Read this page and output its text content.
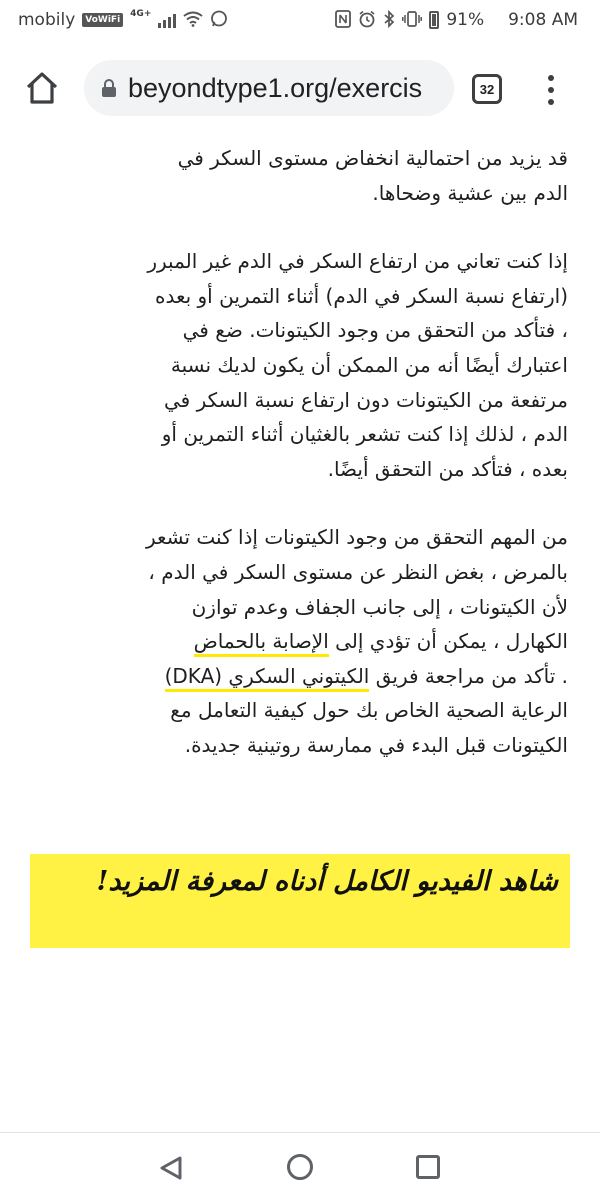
mobily	VoWiFi
4G+	91% 9:08 AM
beyondtype1.org/exercis	32
قد يزيد من احتمالية انخفاض مستوى السكر في
الدم بين عشية وضحاها.
إذا كنت تعاني من ارتفاع السكر في الدم غير المبرر
(ارتفاع نسبة السكر في الدم) أثناء التمرين أو بعده
، فتأكد من التحقق من وجود الكيتونات. ضع في
اعتبارك أيضًا أنه من الممكن أن يكون لديك نسبة
مرتفعة من الكيتونات دون ارتفاع نسبة السكر في
الدم ، لذلك إذا كنت تشعر بالغثيان أثناء التمرين أو
بعده ، فتأكد من التحقق أيضًا.
من المهم التحقق من وجود الكيتونات إذا كنت تشعر
بالمرض ، بغض النظر عن مستوى السكر في الدم ،
لأن الكيتونات ، إلى جانب الجفاف وعدم توازن
الكهارل ، يمكن أن تؤدي إلى الإصابة بالحماض
. تأكد من مراجعة فريق الكيتوني السكري (DKA)
الرعاية الصحية الخاص بك حول كيفية التعامل مع
الكيتونات قبل البدء في ممارسة روتينية جديدة.
شاهد الفيديو الكامل أدناه لمعرفة المزيد!
